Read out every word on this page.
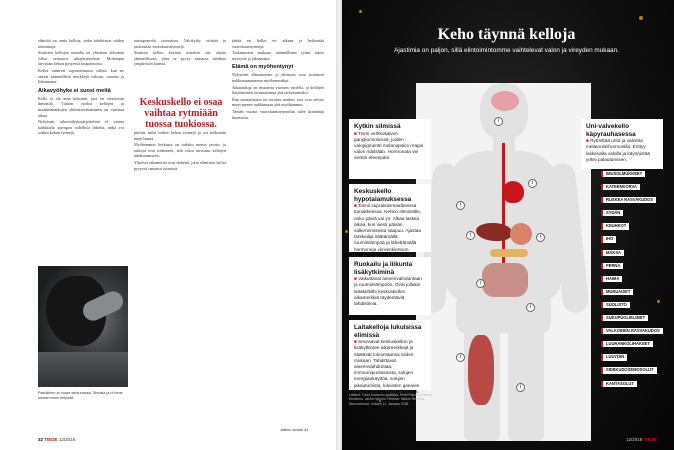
elimiöä on omia kelloja, jotka tahdittavat niiden toimintoja.

Sisäisten kellojen rinnalla on yhteinen ulkoinen valoa seuraava aikajärjestelmä. Molempia tarvitaan kehon pysyessä tasapainossa.

Kellot toimivat sopusoinnussa silloin, kun ne saavat säännöllisiä merkkejä valosta, ruoasta ja liikunnasta.

Aikavyöhyke ei suosi meitä

Kello ei ole aina keksintö, jota on vieroitettu ihmisiltä. Tämän vuoksi kellojen ja maailmanaikojen yhteensovittaminen on vaatinut aikaa.

Nykyinen aikavyöhykejärjestelmä ei vastaa kaikkialla auringon todellista liikettä, mikä voi sotkea kehon rytmejä.

Pakollinen ei nuora serkuuessa. Sinvala ja ni ihme uniharmonin erityistä.

auringonvalo voimistuu. Valokytky virittää ja juoksuttaa vuorokausirytmejä.

Sisäisen kellon käyntiä tuleekin siis ohjata säännöllisesti, jotta se pysyy samassa tahdissa ympäristön kanssa.

päivää, mikä sotkee kehon rytmejä ja voi heikentää unen laatua.

Myöhemmin keskusta on tutkittu monin tavoin, ja tutkijat ovat todenneet, että valoa tarvitaan kellojen tahdistamiseen.

Yhteiset aikamerkit ovat tärkeitä, jotta elimistön kellot pysyvät samassa rytmissä.

Keskuskello ei osaa vaihtaa rytmiään tuossa tuokiossa.

jättää eri kellot eri aikaan ja heikentää vuorokausirytmejä.

Tutkimusten mukaan säännöllinen rytmi tukee terveyttä ja jaksamista.

Elämä on myöhentynyt

Nykyinen elämänrytmi ja elintavat ovat siirtäneet nukkumaanmenoa myöhemmäksi.

Aikatauluja on muutettu vuosien varrella, ja kellojen käyttäminen on muuttunut yhä tärkeämmäksi.

Kun suomalaisiin on verrattu muihin, erot ovat selviä: moni menee nukkumaan yhä myöhemmin.

Tämän vuoksi vuorokausirytmeihin tulee kiinnittää huomiota.

Jatkuu sivulla 34
32 TIEDE 12/2018
Keho täynnä kelloja
Ajastimia on paljon, sillä elintoimintomme vaihtelevat valon ja vireyden mukaan.
i
i
i
i	i
i
i
i
i
Kytkin silmissä

■ Tiomi verkkokalvon ganglionsoluissa, joiden valopigmentti melanopsiini reagoi valon määrään. Hormonata vie viestin eteenpäin.

Keskuskello hypotalamuksessa

■ Toimii suprakiasmaattisessa tumakkeessa. Kertoo elimistölle, onko päivä vai yö. Alkaa laskea aikaa, kun viesti päivän valkenemisesta saapuu. Ajastaa tarkkailija säätämällä ruumiinlämpöä ja lähettämällä hormoneja vereenkiertoon.

Ruokailu ja liikunta lisäkytkiminä

■ Vaikuttavat aineenvaihduntaan ja ruumiinlämpöön. Ovat jollakin laitakellolle keskuskellon aikamerkkiä täydentäviä tahdistimia.

Laitakelloja lukuisissa elimissä

■ Seuraavat keskuskellon ja lisäkytkinten aikamerkkejä ja säätävät toimintaansa niiden mukaan. Tahdittavat aineenvaihduntaa, immuunipuolustusta, solujen energiankäyttöä, solujen jakautumista, lukuisten geenien aktiivisuutta ja muita toimintoja.

Uni-valvekello käpyrauhasessa

■ Rytmittää unta ja valvetta melatoniinihormonilla. Erittyy laskevalla valolla ja käynnistää yöksi palautumisen.

Lähteet: Tuula Kinnunen grafiikka. Pertti Panula ja Bente Kreikemo. Jacob Nyholm. Fletcher. Nature Reviews, Neuroscience, Volume 11, January 2018.
IMUSOLMUKKEET
KATEENKORVA
RUSKEA RASVAKUDOS
SYDÄN
KEUHKOT
IHO
MAKSA
PERNA
HAIMA
MUNUAISET
SUOLISTO
SUKUPUOLIELIMET
VALKOINEN RASVAKUDOS
LUURANKOLIHAKSET
LUUYDIN
SIDEKUDOSEMOSOLUT
KANTASOLUT
12/2018 TIEDE 33
